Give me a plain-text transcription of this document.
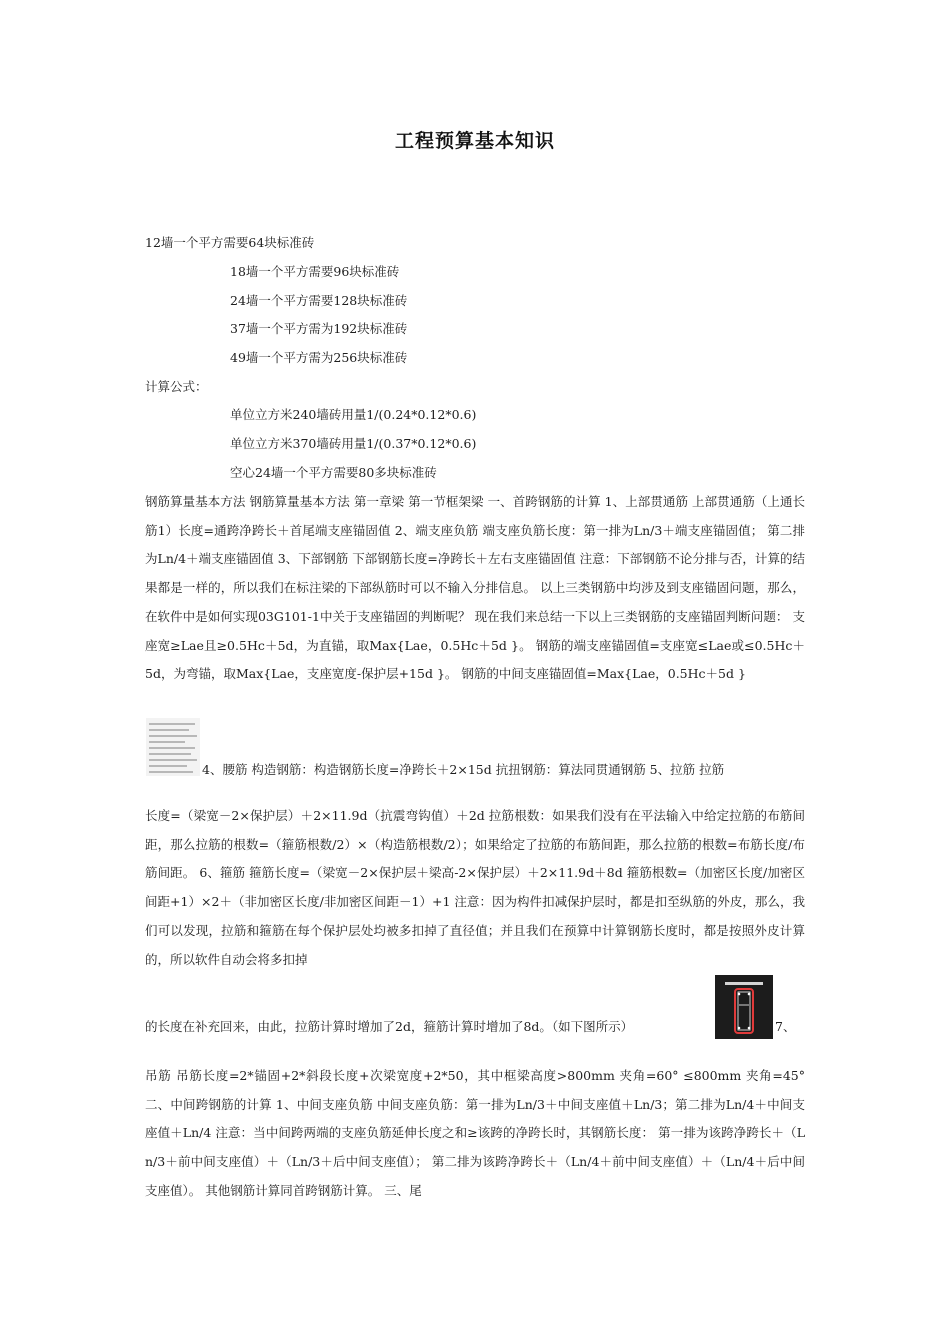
工程预算基本知识
12墙一个平方需要64块标准砖
18墙一个平方需要96块标准砖
24墙一个平方需要128块标准砖
37墙一个平方需为192块标准砖
49墙一个平方需为256块标准砖
计算公式：
单位立方米240墙砖用量1/(0.24*0.12*0.6)
单位立方米370墙砖用量1/(0.37*0.12*0.6)
空心24墙一个平方需要80多块标准砖
钢筋算量基本方法 钢筋算量基本方法 第一章梁 第一节框架梁 一、首跨钢筋的计算 1、上部贯通筋 上部贯通筋（上通长筋1）长度=通跨净跨长＋首尾端支座锚固值 2、端支座负筋 端支座负筋长度：第一排为Ln/3＋端支座锚固值； 第二排为Ln/4＋端支座锚固值 3、下部钢筋 下部钢筋长度=净跨长＋左右支座锚固值 注意：下部钢筋不论分排与否，计算的结果都是一样的，所以我们在标注梁的下部纵筋时可以不输入分排信息。 以上三类钢筋中均涉及到支座锚固问题，那么，在软件中是如何实现03G101-1中关于支座锚固的判断呢？ 现在我们来总结一下以上三类钢筋的支座锚固判断问题： 支座宽≥Lae且≥0.5Hc＋5d，为直锚，取Max{Lae，0.5Hc＋5d }。 钢筋的端支座锚固值=支座宽≤Lae或≤0.5Hc＋5d，为弯锚，取Max{Lae，支座宽度-保护层+15d }。 钢筋的中间支座锚固值=Max{Lae，0.5Hc＋5d }
4、腰筋 构造钢筋：构造钢筋长度=净跨长＋2×15d 抗扭钢筋：算法同贯通钢筋 5、拉筋 拉筋
长度=（梁宽－2×保护层）＋2×11.9d（抗震弯钩值）＋2d 拉筋根数：如果我们没有在平法输入中给定拉筋的布筋间距，那么拉筋的根数=（箍筋根数/2）×（构造筋根数/2）；如果给定了拉筋的布筋间距，那么拉筋的根数=布筋长度/布筋间距。 6、箍筋 箍筋长度=（梁宽－2×保护层＋梁高-2×保护层）＋2×11.9d＋8d 箍筋根数=（加密区长度/加密区间距+1）×2＋（非加密区长度/非加密区间距－1）+1 注意：因为构件扣减保护层时，都是扣至纵筋的外皮，那么，我们可以发现，拉筋和箍筋在每个保护层处均被多扣掉了直径值；并且我们在预算中计算钢筋长度时，都是按照外皮计算的，所以软件自动会将多扣掉
的长度在补充回来，由此，拉筋计算时增加了2d，箍筋计算时增加了8d。（如下图所示）	7、
吊筋 吊筋长度=2*锚固+2*斜段长度+次梁宽度+2*50，其中框梁高度>800mm 夹角=60° ≤800mm 夹角=45° 二、中间跨钢筋的计算 1、中间支座负筋 中间支座负筋：第一排为Ln/3＋中间支座值＋Ln/3；第二排为Ln/4＋中间支座值＋Ln/4 注意：当中间跨两端的支座负筋延伸长度之和≥该跨的净跨长时，其钢筋长度： 第一排为该跨净跨长＋（Ln/3＋前中间支座值）＋（Ln/3＋后中间支座值）； 第二排为该跨净跨长＋（Ln/4＋前中间支座值）＋（Ln/4＋后中间支座值）。 其他钢筋计算同首跨钢筋计算。 三、尾
